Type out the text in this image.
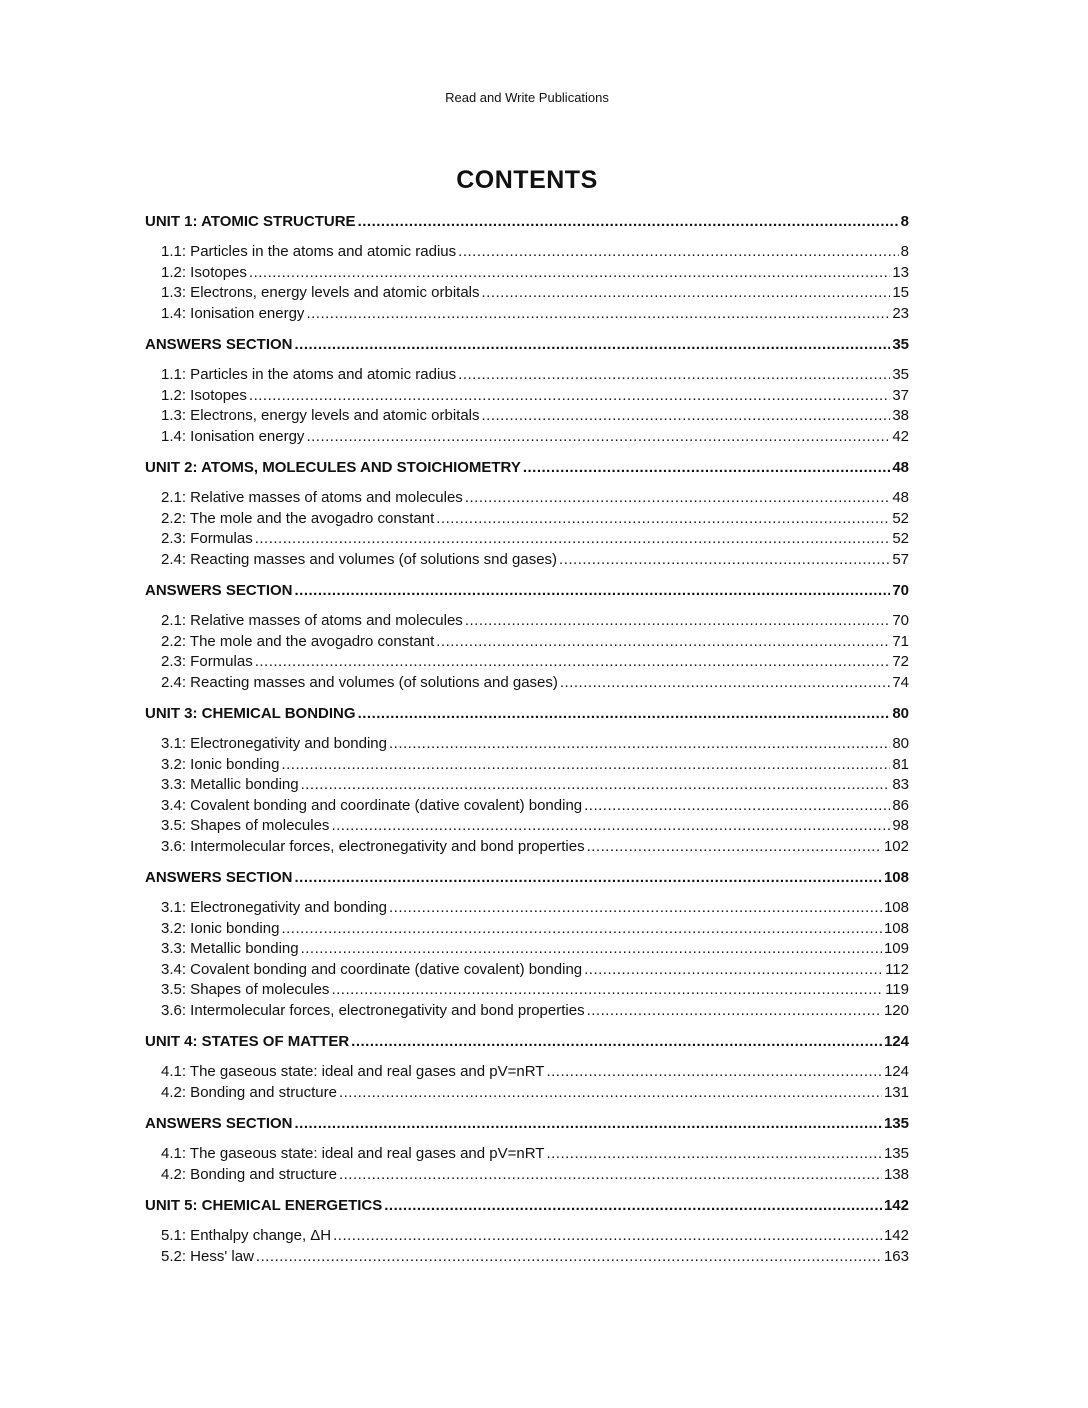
Read and Write Publications
CONTENTS
UNIT 1: ATOMIC STRUCTURE .....	8
1.1: Particles in the atoms and atomic radius .....	8
1.2: Isotopes .....	13
1.3: Electrons, energy levels and atomic orbitals .....	15
1.4: Ionisation energy .....	23
ANSWERS SECTION .....	35
1.1: Particles in the atoms and atomic radius .....	35
1.2: Isotopes .....	37
1.3: Electrons, energy levels and atomic orbitals .....	38
1.4: Ionisation energy .....	42
UNIT 2: ATOMS, MOLECULES AND STOICHIOMETRY .....	48
2.1: Relative masses of atoms and molecules .....	48
2.2: The mole and the avogadro constant .....	52
2.3: Formulas .....	52
2.4: Reacting masses and volumes (of solutions snd gases) .....	57
ANSWERS SECTION .....	70
2.1: Relative masses of atoms and molecules .....	70
2.2: The mole and the avogadro constant .....	71
2.3: Formulas .....	72
2.4: Reacting masses and volumes (of solutions and gases) .....	74
UNIT 3: CHEMICAL BONDING .....	80
3.1: Electronegativity and bonding .....	80
3.2: Ionic bonding .....	81
3.3: Metallic bonding .....	83
3.4: Covalent bonding and coordinate (dative covalent) bonding .....	86
3.5: Shapes of molecules .....	98
3.6: Intermolecular forces, electronegativity and bond properties .....	102
ANSWERS SECTION .....	108
3.1: Electronegativity and bonding .....	108
3.2: Ionic bonding .....	108
3.3: Metallic bonding .....	109
3.4: Covalent bonding and coordinate (dative covalent) bonding .....	112
3.5: Shapes of molecules .....	119
3.6: Intermolecular forces, electronegativity and bond properties .....	120
UNIT 4: STATES OF MATTER .....	124
4.1: The gaseous state: ideal and real gases and pV=nRT .....	124
4.2: Bonding and structure .....	131
ANSWERS SECTION .....	135
4.1: The gaseous state: ideal and real gases and pV=nRT .....	135
4.2: Bonding and structure .....	138
UNIT 5: CHEMICAL ENERGETICS .....	142
5.1: Enthalpy change, ΔH .....	142
5.2: Hess' law .....	163
